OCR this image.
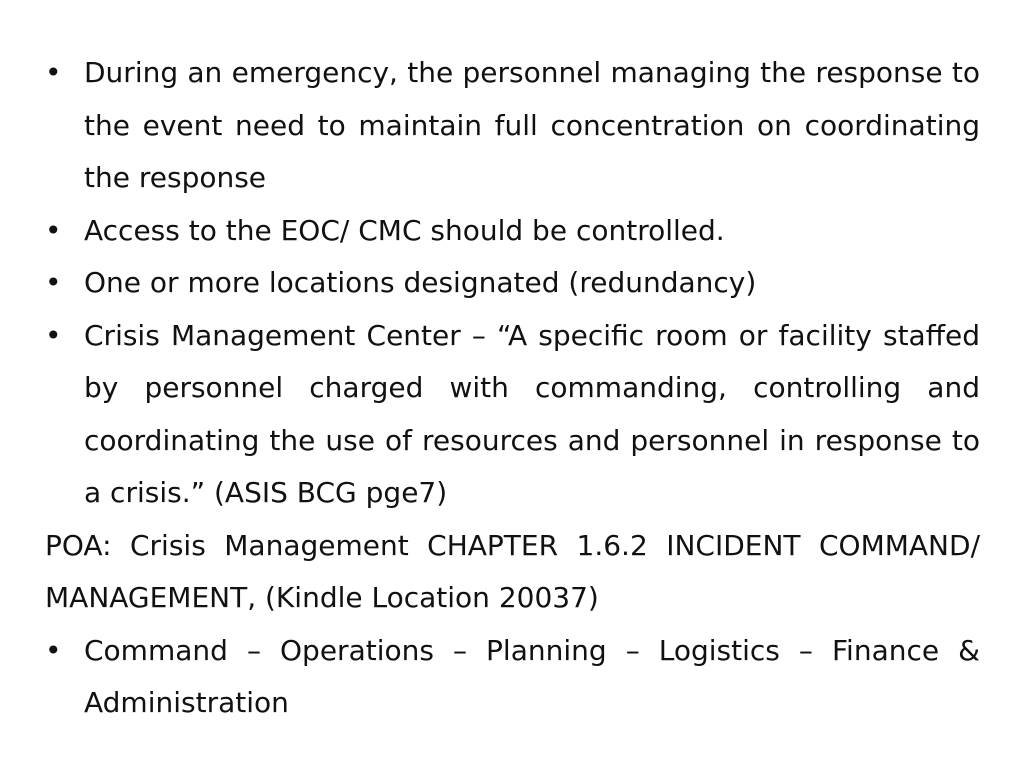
• During an emergency, the personnel managing the response to the event need to maintain full concentration on coordinating the response
• Access to the EOC/ CMC should be controlled.
• One or more locations designated (redundancy)
• Crisis Management Center – “A specific room or facility staffed by personnel charged with commanding, controlling and coordinating the use of resources and personnel in response to a crisis.” (ASIS BCG pge7)
POA: Crisis Management CHAPTER 1.6.2 INCIDENT COMMAND/ MANAGEMENT, (Kindle Location 20037)
• Command – Operations – Planning – Logistics – Finance & Administration
